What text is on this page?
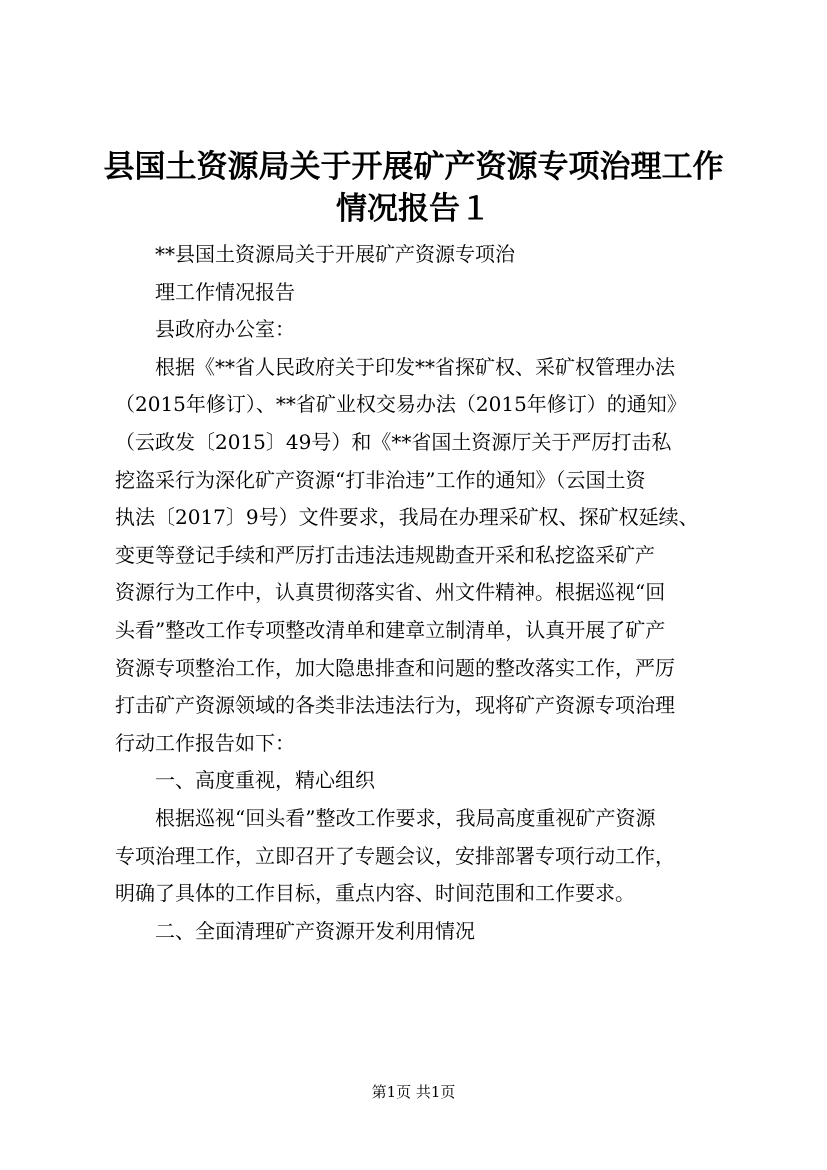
县国土资源局关于开展矿产资源专项治理工作
情况报告１
**县国土资源局关于开展矿产资源专项治
理工作情况报告
县政府办公室：
根据《**省人民政府关于印发**省探矿权、采矿权管理办法
（2015年修订）、**省矿业权交易办法（2015年修订）的通知》
（云政发〔2015〕49号）和《**省国土资源厅关于严厉打击私
挖盗采行为深化矿产资源“打非治违”工作的通知》（云国土资
执法〔2017〕9号）文件要求，我局在办理采矿权、探矿权延续、
变更等登记手续和严厉打击违法违规勘查开采和私挖盗采矿产
资源行为工作中，认真贯彻落实省、州文件精神。根据巡视“回
头看”整改工作专项整改清单和建章立制清单，认真开展了矿产
资源专项整治工作，加大隐患排查和问题的整改落实工作，严厉
打击矿产资源领域的各类非法违法行为，现将矿产资源专项治理
行动工作报告如下：
一、高度重视，精心组织
根据巡视“回头看”整改工作要求，我局高度重视矿产资源
专项治理工作，立即召开了专题会议，安排部署专项行动工作，
明确了具体的工作目标，重点内容、时间范围和工作要求。
二、全面清理矿产资源开发利用情况
第1页 共1页
